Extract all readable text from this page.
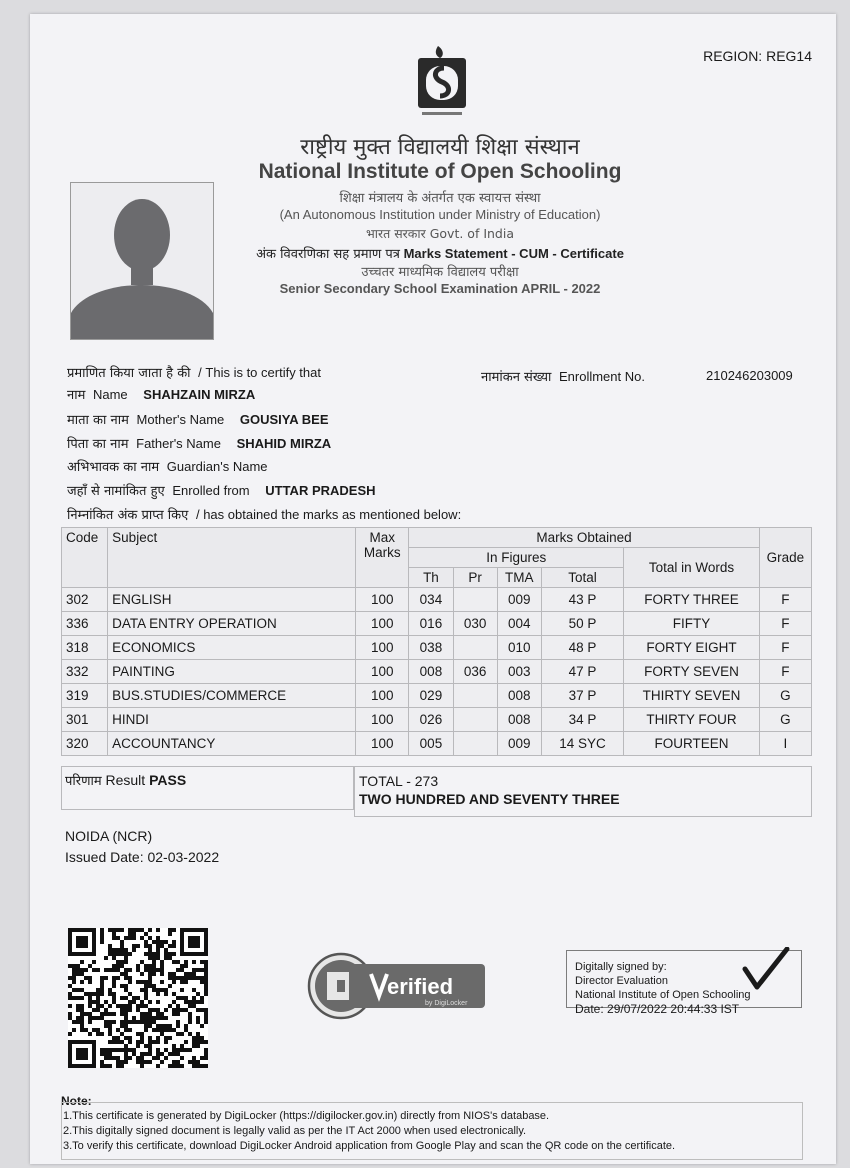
REGION: REG14
राष्ट्रीय मुक्त विद्यालयी शिक्षा संस्थान
National Institute of Open Schooling
शिक्षा मंत्रालय के अंतर्गत एक स्वायत्त संस्था
(An Autonomous Institution under Ministry of Education)
भारत सरकार Govt. of India
अंक विवरणिका सह प्रमाण पत्र Marks Statement - CUM - Certificate
उच्चतर माध्यमिक विद्यालय परीक्षा
Senior Secondary School Examination APRIL - 2022
प्रमाणित किया जाता है की / This is to certify that	नामांकन संख्या Enrollment No.	210246203009
नाम Name SHAHZAIN MIRZA
माता का नाम Mother's Name GOUSIYA BEE
पिता का नाम Father's Name SHAHID MIRZA
अभिभावक का नाम Guardian's Name
जहाँ से नामांकित हुए Enrolled from UTTAR PRADESH
निम्नांकित अंक प्राप्त किए / has obtained the marks as mentioned below:
Code	Subject	Max Marks	Marks Obtained					Grade
			In Figures				Total in Words	
			Th	Pr	TMA	Total		
302	ENGLISH	100	034		009	43 P	FORTY THREE	F
336	DATA ENTRY OPERATION	100	016	030	004	50 P	FIFTY	F
318	ECONOMICS	100	038		010	48 P	FORTY EIGHT	F
332	PAINTING	100	008	036	003	47 P	FORTY SEVEN	F
319	BUS.STUDIES/COMMERCE	100	029		008	37 P	THIRTY SEVEN	G
301	HINDI	100	026		008	34 P	THIRTY FOUR	G
320	ACCOUNTANCY	100	005		009	14 SYC	FOURTEEN	I
परिणाम Result PASS	TOTAL - 273
TWO HUNDRED AND SEVENTY THREE
NOIDA (NCR)
Issued Date: 02-03-2022
erified
by DigiLocker
Digitally signed by:
Director Evaluation
National Institute of Open Schooling
Date: 29/07/2022 20:44:33 IST
Note:
1.This certificate is generated by DigiLocker (https://digilocker.gov.in) directly from NIOS's database.
2.This digitally signed document is legally valid as per the IT Act 2000 when used electronically.
3.To verify this certificate, download DigiLocker Android application from Google Play and scan the QR code on the certificate.
